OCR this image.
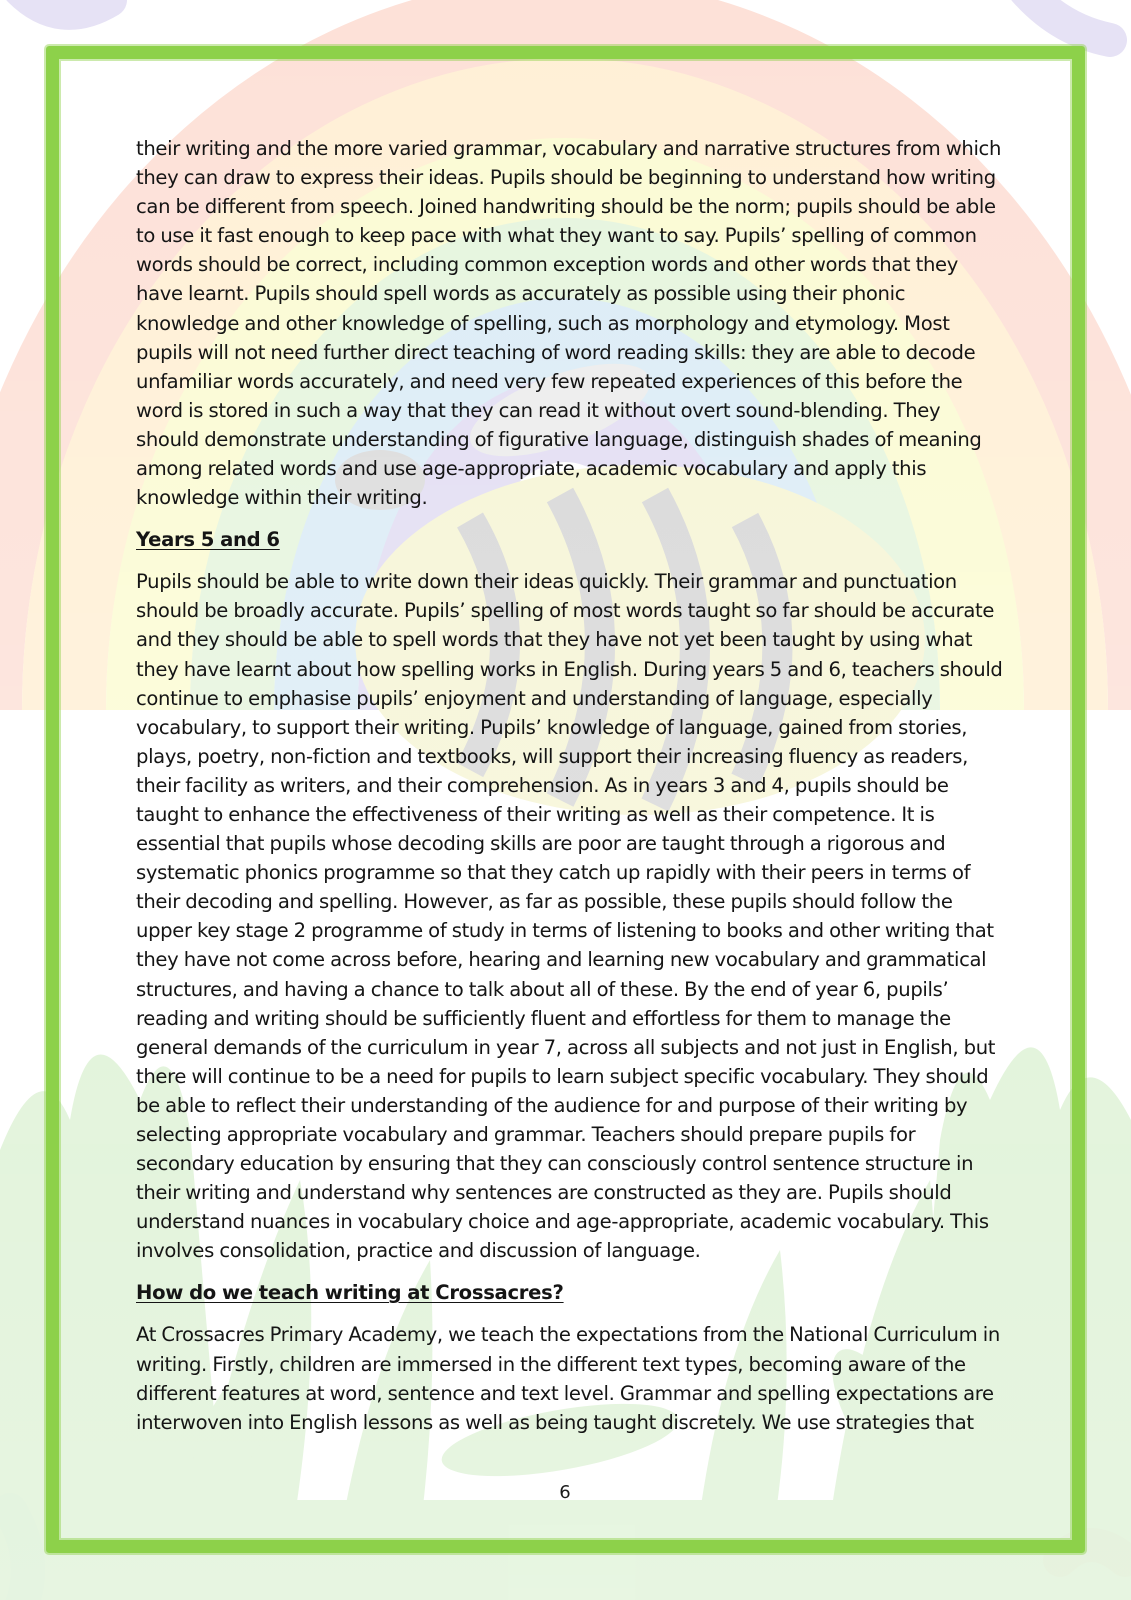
their writing and the more varied grammar, vocabulary and narrative structures from which they can draw to express their ideas. Pupils should be beginning to understand how writing can be different from speech. Joined handwriting should be the norm; pupils should be able to use it fast enough to keep pace with what they want to say. Pupils’ spelling of common words should be correct, including common exception words and other words that they have learnt. Pupils should spell words as accurately as possible using their phonic knowledge and other knowledge of spelling, such as morphology and etymology. Most pupils will not need further direct teaching of word reading skills: they are able to decode unfamiliar words accurately, and need very few repeated experiences of this before the word is stored in such a way that they can read it without overt sound-blending. They should demonstrate understanding of figurative language, distinguish shades of meaning among related words and use age-appropriate, academic vocabulary and apply this knowledge within their writing.

Years 5 and 6

Pupils should be able to write down their ideas quickly. Their grammar and punctuation should be broadly accurate. Pupils’ spelling of most words taught so far should be accurate and they should be able to spell words that they have not yet been taught by using what they have learnt about how spelling works in English. During years 5 and 6, teachers should continue to emphasise pupils’ enjoyment and understanding of language, especially vocabulary, to support their writing. Pupils’ knowledge of language, gained from stories, plays, poetry, non-fiction and textbooks, will support their increasing fluency as readers, their facility as writers, and their comprehension. As in years 3 and 4, pupils should be taught to enhance the effectiveness of their writing as well as their competence. It is essential that pupils whose decoding skills are poor are taught through a rigorous and systematic phonics programme so that they catch up rapidly with their peers in terms of their decoding and spelling. However, as far as possible, these pupils should follow the upper key stage 2 programme of study in terms of listening to books and other writing that they have not come across before, hearing and learning new vocabulary and grammatical structures, and having a chance to talk about all of these. By the end of year 6, pupils’ reading and writing should be sufficiently fluent and effortless for them to manage the general demands of the curriculum in year 7, across all subjects and not just in English, but there will continue to be a need for pupils to learn subject specific vocabulary. They should be able to reflect their understanding of the audience for and purpose of their writing by selecting appropriate vocabulary and grammar. Teachers should prepare pupils for secondary education by ensuring that they can consciously control sentence structure in their writing and understand why sentences are constructed as they are. Pupils should understand nuances in vocabulary choice and age-appropriate, academic vocabulary. This involves consolidation, practice and discussion of language.

How do we teach writing at Crossacres?

At Crossacres Primary Academy, we teach the expectations from the National Curriculum in writing. Firstly, children are immersed in the different text types, becoming aware of the different features at word, sentence and text level. Grammar and spelling expectations are interwoven into English lessons as well as being taught discretely. We use strategies that

6
